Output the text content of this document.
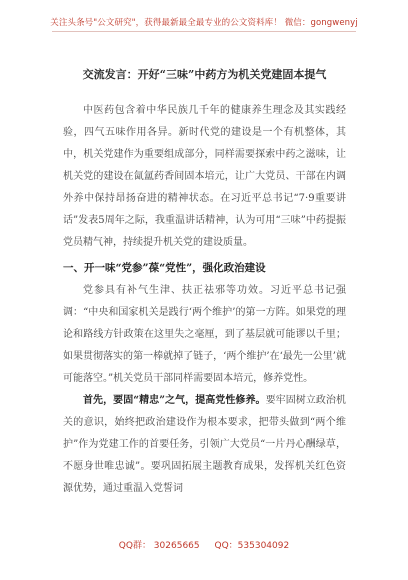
关注头条号"公文研究"，获得最新最全最专业的公文资料库！ 微信：gongwenyj

交流发言：开好“三味”中药方为机关党建固本提气

中医药包含着中华民族几千年的健康养生理念及其实践经验，四气五味作用各异。新时代党的建设是一个有机整体，其中，机关党建作为重要组成部分，同样需要探索中药之滋味，让机关党的建设在氤氲药香间固本培元，让广大党员、干部在内调外养中保持昂扬奋进的精神状态。在习近平总书记“7·9重要讲话”发表5周年之际，我重温讲话精神，认为可用“三味”中药提振党员精气神，持续提升机关党的建设质量。

一、开一味“党参”葆“党性”，强化政治建设

党参具有补气生津、扶正祛邪等功效。习近平总书记强调：“中央和国家机关是践行‘两个维护’的第一方阵。如果党的理论和路线方针政策在这里失之毫厘，到了基层就可能谬以千里；如果贯彻落实的第一棒就掉了链子，‘两个维护’在‘最先一公里’就可能落空。”机关党员干部同样需要固本培元，修养党性。

首先，要固“精忠”之气，提高党性修养。要牢固树立政治机关的意识，始终把政治建设作为根本要求，把带头做到“两个维护”作为党建工作的首要任务，引领广大党员“一片丹心酬绿草，不愿身世唯忠诚”。要巩固拓展主题教育成果，发挥机关红色资源优势，通过重温入党誓词

QQ群： 30265665 QQ：535304092
